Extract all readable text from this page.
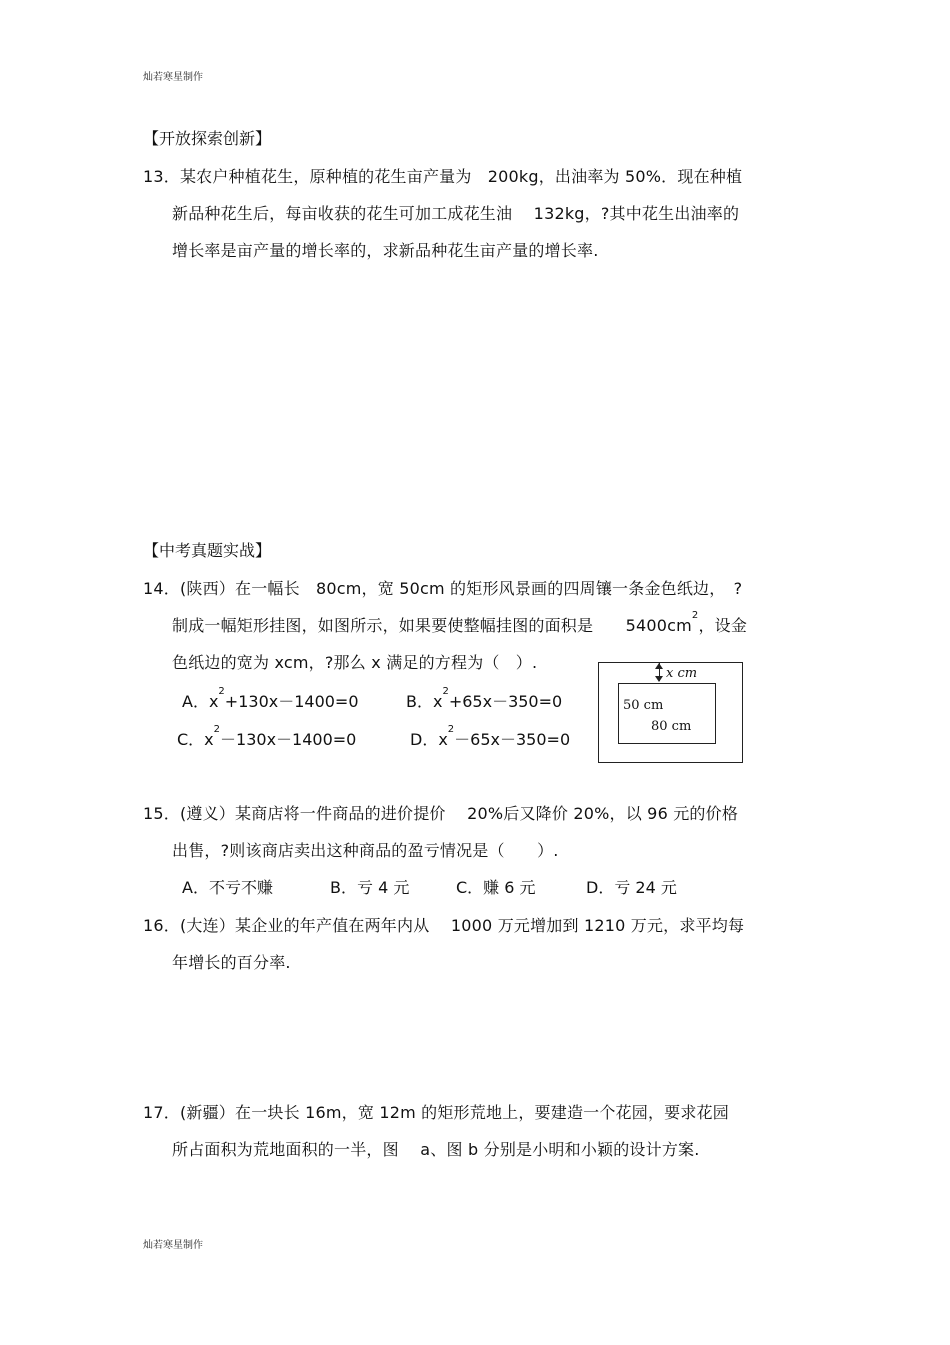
灿若寒星制作
【开放探索创新】
13．某农户种植花生，原种植的花生亩产量为　200kg，出油率为 50%．现在种植
新品种花生后，每亩收获的花生可加工成花生油　 132kg，?其中花生出油率的
增长率是亩产量的增长率的，求新品种花生亩产量的增长率.
【中考真题实战】
14．(陕西）在一幅长　80cm，宽 50cm 的矩形风景画的四周镶一条金色纸边，　?
制成一幅矩形挂图，如图所示，如果要使整幅挂图的面积是　　$5400cm^2$，设金
色纸边的宽为 xcm，?那么 x 满足的方程为（　）.
A．$x^2+130x-1400=0$	B．$x^2+65x-350=0$
C．$x^2-130x-1400=0$	D．$x^2-65x-350=0$
x cm
50 cm
80 cm
15．(遵义）某商店将一件商品的进价提价　 20%后又降价 20%，以 96 元的价格
出售，?则该商店卖出这种商品的盈亏情况是（　　）.
A．不亏不赚	B．亏 4 元	C．赚 6 元	D．亏 24 元
16．(大连）某企业的年产值在两年内从　 1000 万元增加到 1210 万元，求平均每
年增长的百分率.
17．(新疆）在一块长 16m，宽 12m 的矩形荒地上，要建造一个花园，要求花园
所占面积为荒地面积的一半，图　 a、图 b 分别是小明和小颖的设计方案.
灿若寒星制作
